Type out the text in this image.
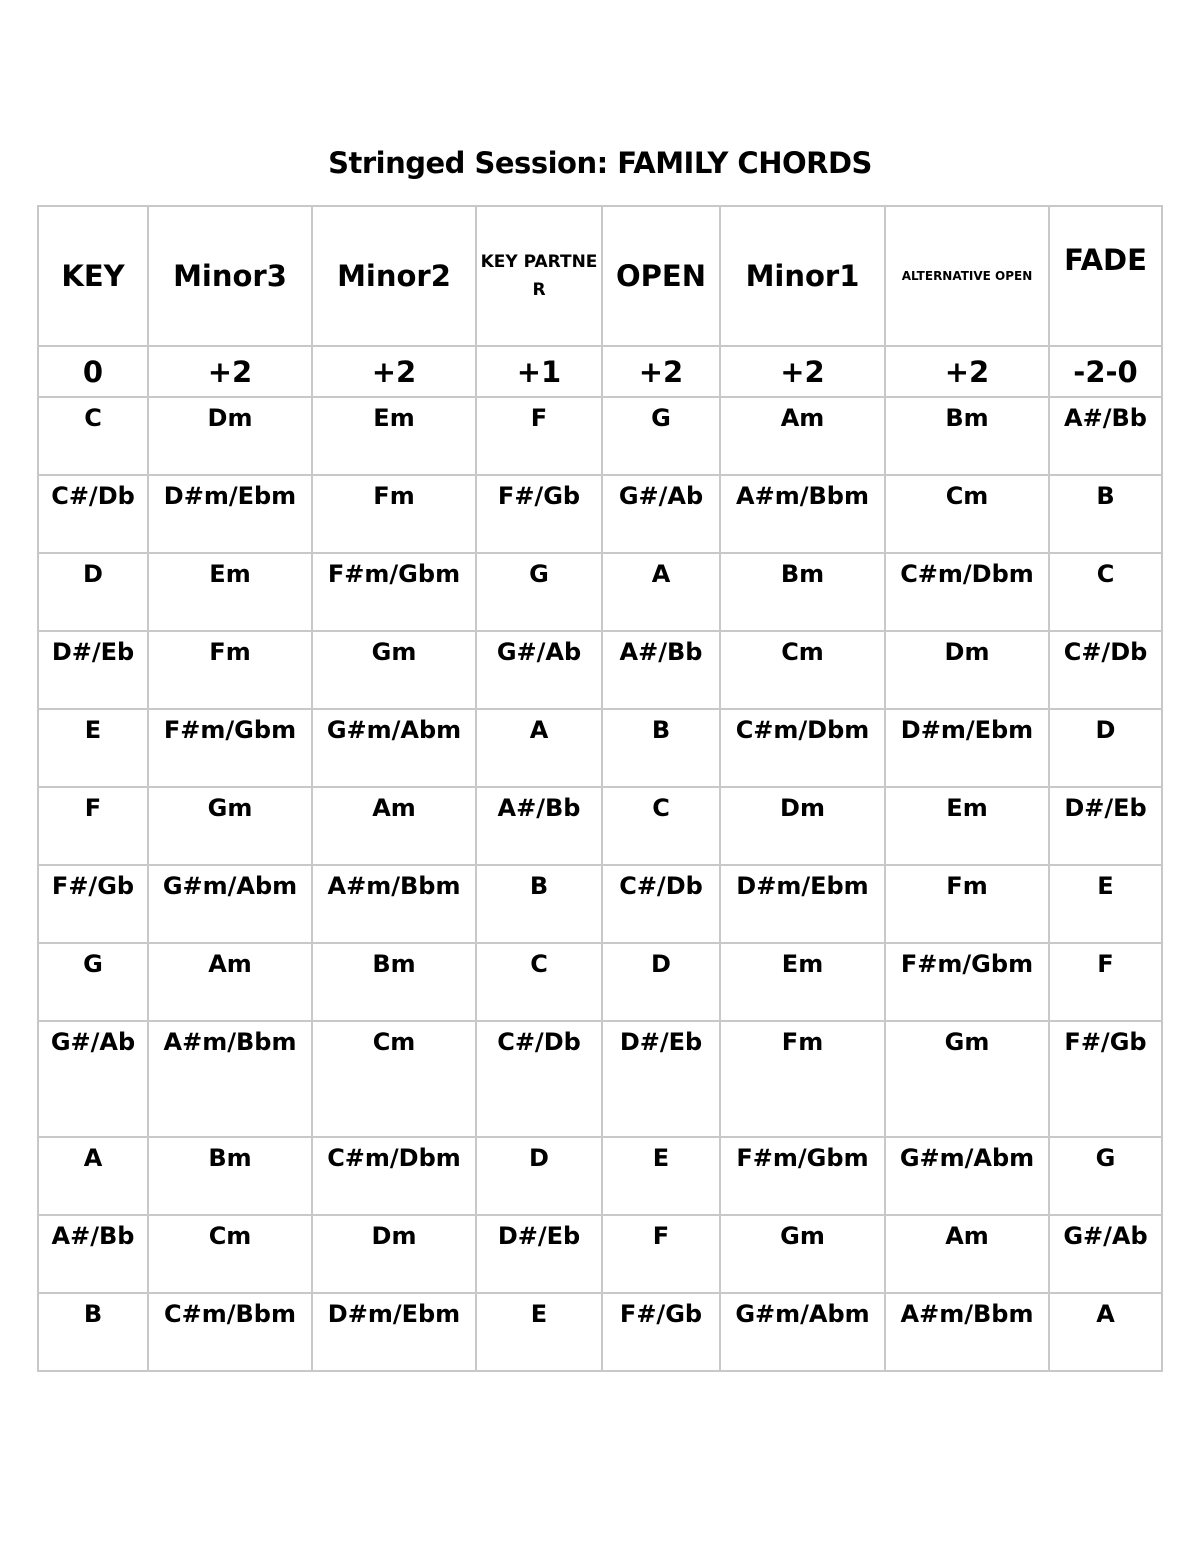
Stringed Session: FAMILY CHORDS
KEY	Minor3	Minor2	KEY PARTNER	OPEN	Minor1	ALTERNATIVE OPEN	FADE
0	+2	+2	+1	+2	+2	+2	-2-0
C	Dm	Em	F	G	Am	Bm	A#/Bb
C#/Db	D#m/Ebm	Fm	F#/Gb	G#/Ab	A#m/Bbm	Cm	B
D	Em	F#m/Gbm	G	A	Bm	C#m/Dbm	C
D#/Eb	Fm	Gm	G#/Ab	A#/Bb	Cm	Dm	C#/Db
E	F#m/Gbm	G#m/Abm	A	B	C#m/Dbm	D#m/Ebm	D
F	Gm	Am	A#/Bb	C	Dm	Em	D#/Eb
F#/Gb	G#m/Abm	A#m/Bbm	B	C#/Db	D#m/Ebm	Fm	E
G	Am	Bm	C	D	Em	F#m/Gbm	F
G#/Ab	A#m/Bbm	Cm	C#/Db	D#/Eb	Fm	Gm	F#/Gb
A	Bm	C#m/Dbm	D	E	F#m/Gbm	G#m/Abm	G
A#/Bb	Cm	Dm	D#/Eb	F	Gm	Am	G#/Ab
B	C#m/Bbm	D#m/Ebm	E	F#/Gb	G#m/Abm	A#m/Bbm	A
